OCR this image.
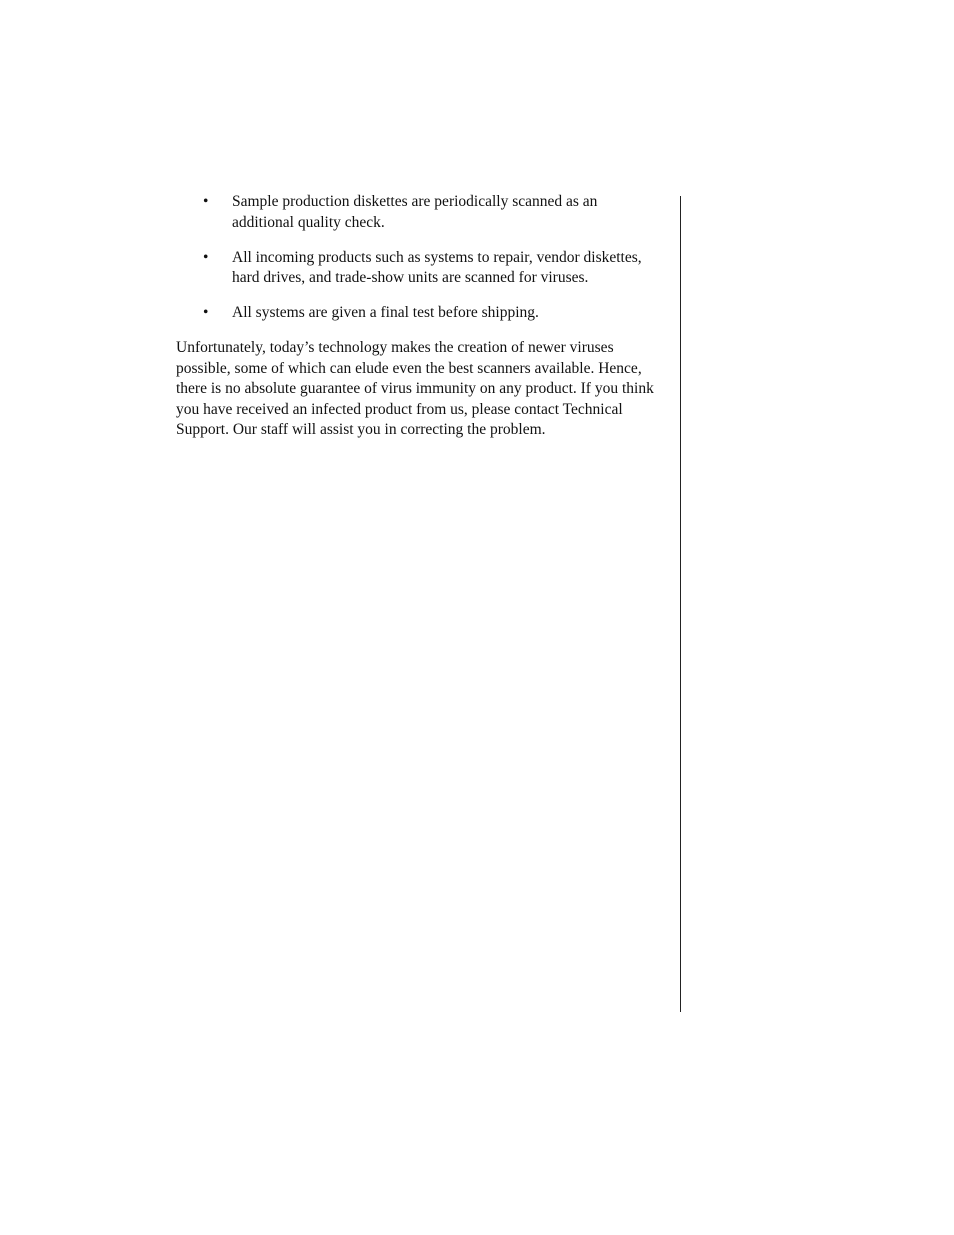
• Sample production diskettes are periodically scanned as an additional quality check.
• All incoming products such as systems to repair, vendor diskettes, hard drives, and trade-show units are scanned for viruses.
• All systems are given a final test before shipping.

Unfortunately, today’s technology makes the creation of newer viruses possible, some of which can elude even the best scanners available. Hence, there is no absolute guarantee of virus immunity on any product. If you think you have received an infected product from us, please contact Technical Support. Our staff will assist you in correcting the problem.
